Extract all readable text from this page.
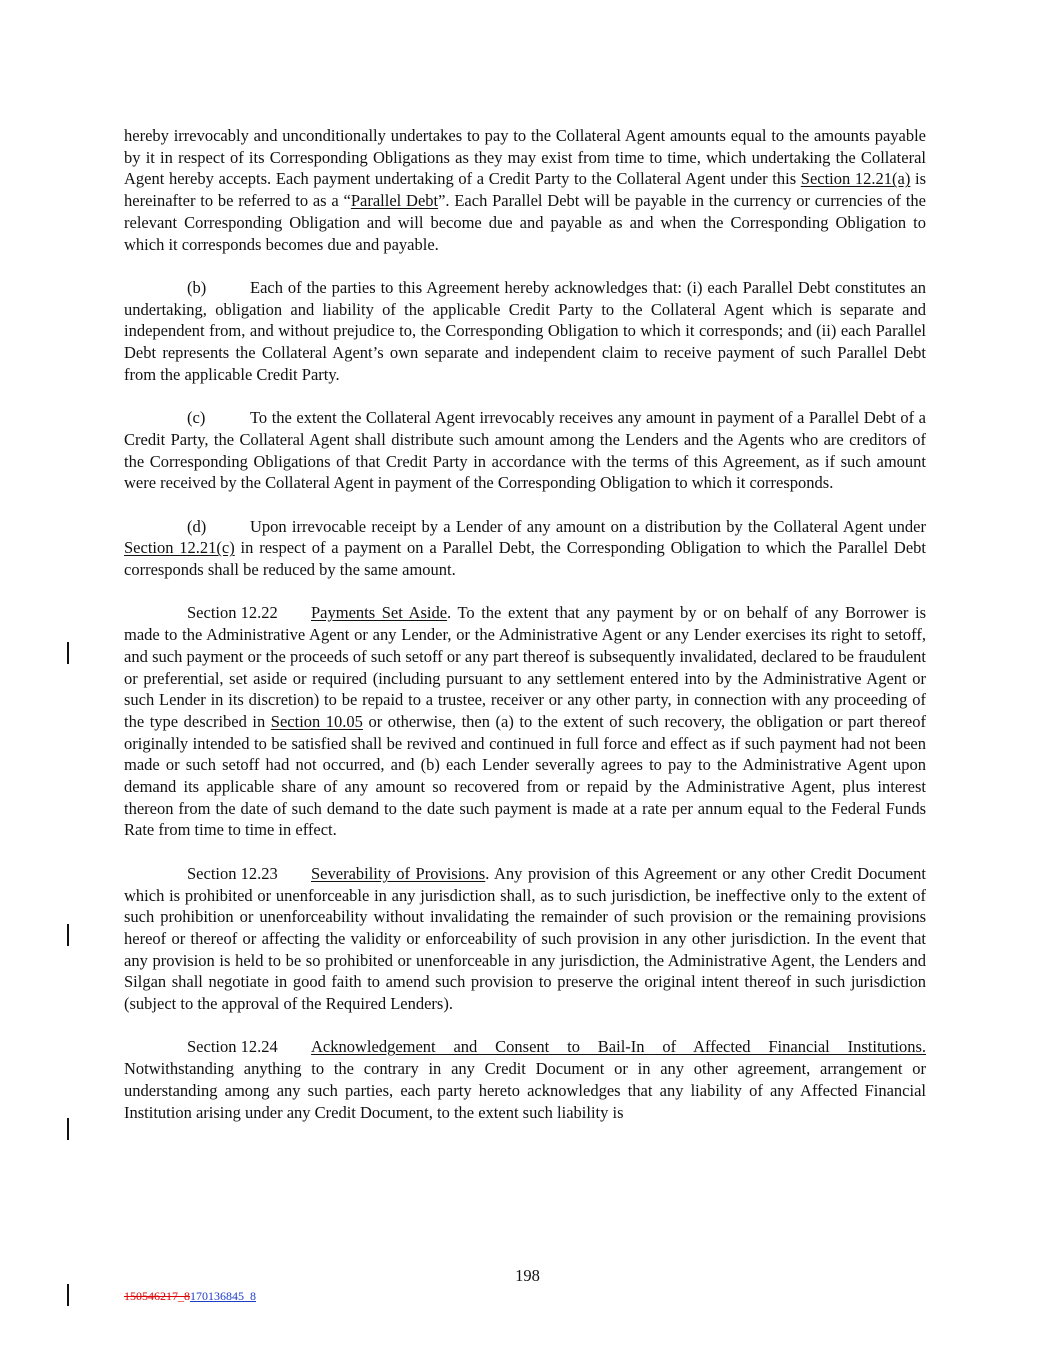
hereby irrevocably and unconditionally undertakes to pay to the Collateral Agent amounts equal to the amounts payable by it in respect of its Corresponding Obligations as they may exist from time to time, which undertaking the Collateral Agent hereby accepts. Each payment undertaking of a Credit Party to the Collateral Agent under this Section 12.21(a) is hereinafter to be referred to as a “Parallel Debt”. Each Parallel Debt will be payable in the currency or currencies of the relevant Corresponding Obligation and will become due and payable as and when the Corresponding Obligation to which it corresponds becomes due and payable.

(b)	Each of the parties to this Agreement hereby acknowledges that: (i) each Parallel Debt constitutes an undertaking, obligation and liability of the applicable Credit Party to the Collateral Agent which is separate and independent from, and without prejudice to, the Corresponding Obligation to which it corresponds; and (ii) each Parallel Debt represents the Collateral Agent’s own separate and independent claim to receive payment of such Parallel Debt from the applicable Credit Party.

(c)	To the extent the Collateral Agent irrevocably receives any amount in payment of a Parallel Debt of a Credit Party, the Collateral Agent shall distribute such amount among the Lenders and the Agents who are creditors of the Corresponding Obligations of that Credit Party in accordance with the terms of this Agreement, as if such amount were received by the Collateral Agent in payment of the Corresponding Obligation to which it corresponds.

(d)	Upon irrevocable receipt by a Lender of any amount on a distribution by the Collateral Agent under Section 12.21(c) in respect of a payment on a Parallel Debt, the Corresponding Obligation to which the Parallel Debt corresponds shall be reduced by the same amount.

Section 12.22 Payments Set Aside. To the extent that any payment by or on behalf of any Borrower is made to the Administrative Agent or any Lender, or the Administrative Agent or any Lender exercises its right to setoff, and such payment or the proceeds of such setoff or any part thereof is subsequently invalidated, declared to be fraudulent or preferential, set aside or required (including pursuant to any settlement entered into by the Administrative Agent or such Lender in its discretion) to be repaid to a trustee, receiver or any other party, in connection with any proceeding of the type described in Section 10.05 or otherwise, then (a) to the extent of such recovery, the obligation or part thereof originally intended to be satisfied shall be revived and continued in full force and effect as if such payment had not been made or such setoff had not occurred, and (b) each Lender severally agrees to pay to the Administrative Agent upon demand its applicable share of any amount so recovered from or repaid by the Administrative Agent, plus interest thereon from the date of such demand to the date such payment is made at a rate per annum equal to the Federal Funds Rate from time to time in effect.

Section 12.23 Severability of Provisions. Any provision of this Agreement or any other Credit Document which is prohibited or unenforceable in any jurisdiction shall, as to such jurisdiction, be ineffective only to the extent of such prohibition or unenforceability without invalidating the remainder of such provision or the remaining provisions hereof or thereof or affecting the validity or enforceability of such provision in any other jurisdiction. In the event that any provision is held to be so prohibited or unenforceable in any jurisdiction, the Administrative Agent, the Lenders and Silgan shall negotiate in good faith to amend such provision to preserve the original intent thereof in such jurisdiction (subject to the approval of the Required Lenders).

Section 12.24 Acknowledgement and Consent to Bail-In of Affected Financial Institutions. Notwithstanding anything to the contrary in any Credit Document or in any other agreement, arrangement or understanding among any such parties, each party hereto acknowledges that any liability of any Affected Financial Institution arising under any Credit Document, to the extent such liability is

198
150546217_8170136845_8
